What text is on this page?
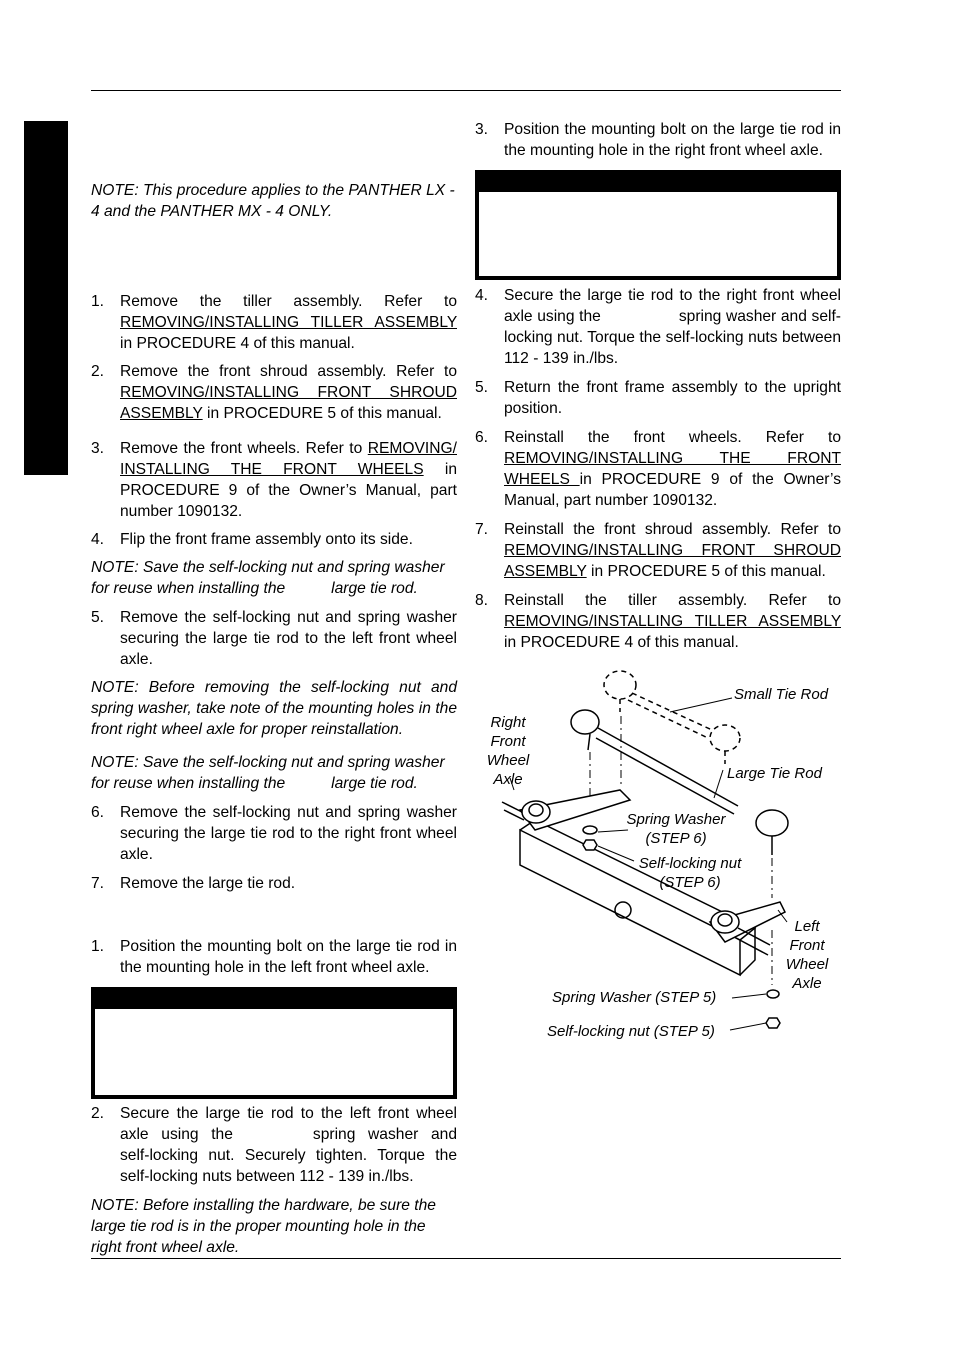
NOTE: This procedure applies to the PANTHER LX - 4 and the PANTHER MX - 4 ONLY.

1.	Remove the tiller assembly. Refer to REMOVING/INSTALLING TILLER ASSEMBLY in PROCEDURE 4 of this manual.
2.	Remove the front shroud assembly. Refer to REMOVING/INSTALLING FRONT SHROUD ASSEMBLY in PROCEDURE 5 of this manual.
3.	Remove the front wheels. Refer to REMOVING/ INSTALLING THE FRONT WHEELS in PROCEDURE 9 of the Owner’s Manual, part number 1090132.
4.	Flip the front frame assembly onto its side.

NOTE: Save the self-locking nut and spring washer for reuse when installing the	large tie rod.

5.	Remove the self-locking nut and spring washer securing the large tie rod to the left front wheel axle.

NOTE: Before removing the self-locking nut and spring washer, take note of the mounting holes in the front right wheel axle for proper reinstallation.

NOTE: Save the self-locking nut and spring washer for reuse when installing the	large tie rod.

6.	Remove the self-locking nut and spring washer securing the large tie rod to the right front wheel axle.
7.	Remove the large tie rod.
1.	Position the mounting bolt on the large tie rod in the mounting hole in the left front wheel axle.
2.	Secure the large tie rod to the left front wheel axle using the	spring washer and self-locking nut. Securely tighten. Torque the self-locking nuts between 112 - 139 in./lbs.

NOTE: Before installing the hardware, be sure the large tie rod is in the proper mounting hole in the right front wheel axle.

3.	Position the mounting bolt on the large tie rod in the mounting hole in the right front wheel axle.
4.	Secure the large tie rod to the right front wheel axle using the	spring washer and self-locking nut. Torque the self-locking nuts between 112 - 139 in./lbs.
5.	Return the front frame assembly to the upright position.
6.	Reinstall the front wheels. Refer to REMOVING/INSTALLING THE FRONT WHEELS in PROCEDURE 9 of the Owner’s Manual, part number 1090132.
7.	Reinstall the front shroud assembly. Refer to REMOVING/INSTALLING FRONT SHROUD ASSEMBLY in PROCEDURE 5 of this manual.
8.	Reinstall the tiller assembly. Refer to REMOVING/INSTALLING TILLER ASSEMBLY in PROCEDURE 4 of this manual.
Small Tie Rod
Right
Front
Wheel
Axle	Large Tie Rod
Spring Washer
(STEP 6)
Self-locking nut
(STEP 6)
Left
Front
Wheel
Axle
Spring Washer (STEP 5)
Self-locking nut (STEP 5)
